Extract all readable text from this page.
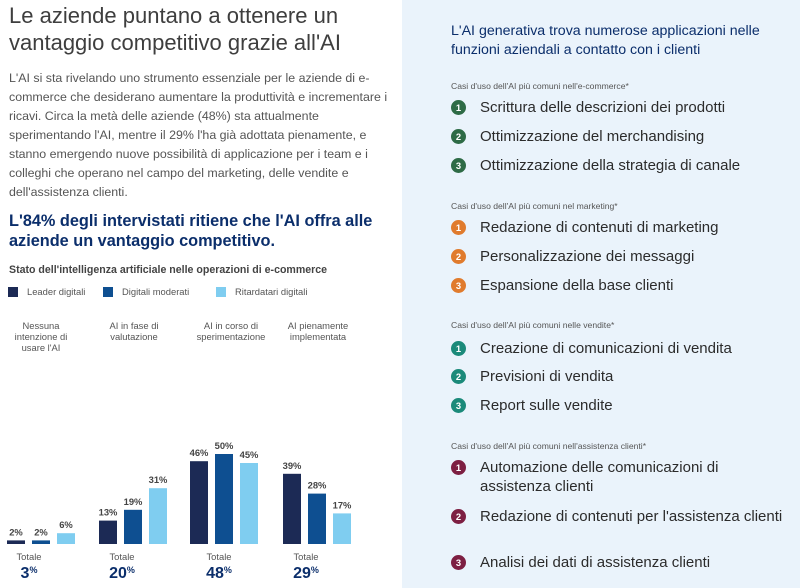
Le aziende puntano a ottenere un vantaggio competitivo grazie all'AI

L'AI si sta rivelando uno strumento essenziale per le aziende di e-commerce che desiderano aumentare la produttività e incrementare i ricavi. Circa la metà delle aziende (48%) sta attualmente sperimentando l'AI, mentre il 29% l'ha già adottata pienamente, e stanno emergendo nuove possibilità di applicazione per i team e i colleghi che operano nel campo del marketing, delle vendite e dell'assistenza clienti.

L'84% degli intervistati ritiene che l'AI offra alle aziende un vantaggio competitivo.

Stato dell'intelligenza artificiale nelle operazioni di e-commerce
Leader digitali	Digitali moderati	Ritardatari digitali
Nessuna intenzione di usare l'AI
2% 2%
6%
Totale
3%
AI in fase di valutazione
13%
19%
31%
Totale
20%
AI in corso di sperimentazione
46%
50%
45%
Totale
48%
AI pienamente implementata
39%
28%
17%
Totale
29%
L'AI generativa trova numerose applicazioni nelle funzioni aziendali a contatto con i clienti
Casi d'uso dell'AI più comuni nell'e-commerce*
1	Scrittura delle descrizioni dei prodotti
2	Ottimizzazione del merchandising
3	Ottimizzazione della strategia di canale
Casi d'uso dell'AI più comuni nel marketing*
1	Redazione di contenuti di marketing
2	Personalizzazione dei messaggi
3	Espansione della base clienti
Casi d'uso dell'AI più comuni nelle vendite*
1	Creazione di comunicazioni di vendita
2	Previsioni di vendita
3	Report sulle vendite
Casi d'uso dell'AI più comuni nell'assistenza clienti*
1	Automazione delle comunicazioni di assistenza clienti
2	Redazione di contenuti per l'assistenza clienti
3	Analisi dei dati di assistenza clienti
